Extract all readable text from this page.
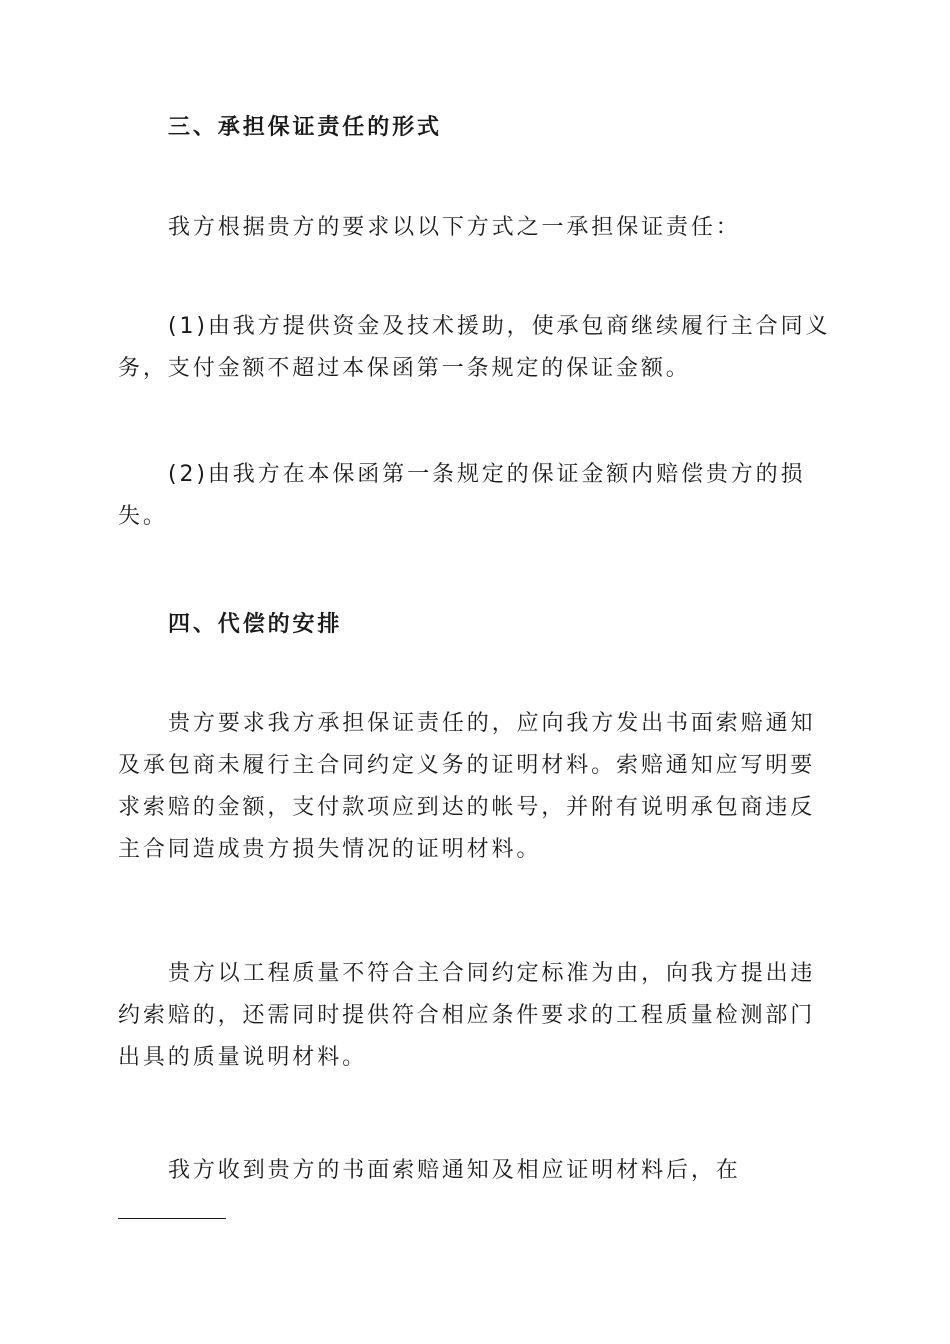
三、承担保证责任的形式

我方根据贵方的要求以以下方式之一承担保证责任：

(1)由我方提供资金及技术援助，使承包商继续履行主合同义务，支付金额不超过本保函第一条规定的保证金额。

(2)由我方在本保函第一条规定的保证金额内赔偿贵方的损失。

四、代偿的安排

贵方要求我方承担保证责任的，应向我方发出书面索赔通知及承包商未履行主合同约定义务的证明材料。索赔通知应写明要求索赔的金额，支付款项应到达的帐号，并附有说明承包商违反主合同造成贵方损失情况的证明材料。

贵方以工程质量不符合主合同约定标准为由，向我方提出违约索赔的，还需同时提供符合相应条件要求的工程质量检测部门出具的质量说明材料。

我方收到贵方的书面索赔通知及相应证明材料后，在
